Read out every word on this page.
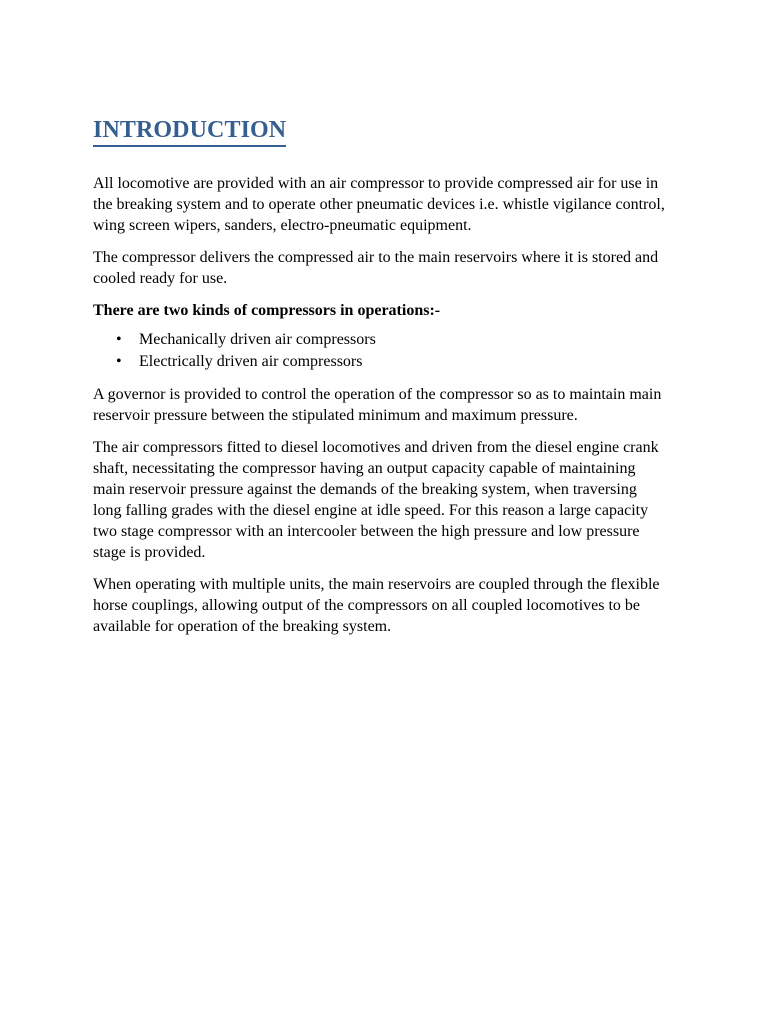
INTRODUCTION

All locomotive are provided with an air compressor to provide compressed air for use in the breaking system and to operate other pneumatic devices i.e. whistle vigilance control, wing screen wipers, sanders, electro-pneumatic equipment.

The compressor delivers the compressed air to the main reservoirs where it is stored and cooled ready for use.

There are two kinds of compressors in operations:-

• Mechanically driven air compressors
• Electrically driven air compressors

A governor is provided to control the operation of the compressor so as to maintain main reservoir pressure between the stipulated minimum and maximum pressure.

The air compressors fitted to diesel locomotives and driven from the diesel engine crank shaft, necessitating the compressor having an output capacity capable of maintaining main reservoir pressure against the demands of the breaking system, when traversing long falling grades with the diesel engine at idle speed. For this reason a large capacity two stage compressor with an intercooler between the high pressure and low pressure stage is provided.

When operating with multiple units, the main reservoirs are coupled through the flexible horse couplings, allowing output of the compressors on all coupled locomotives to be available for operation of the breaking system.
